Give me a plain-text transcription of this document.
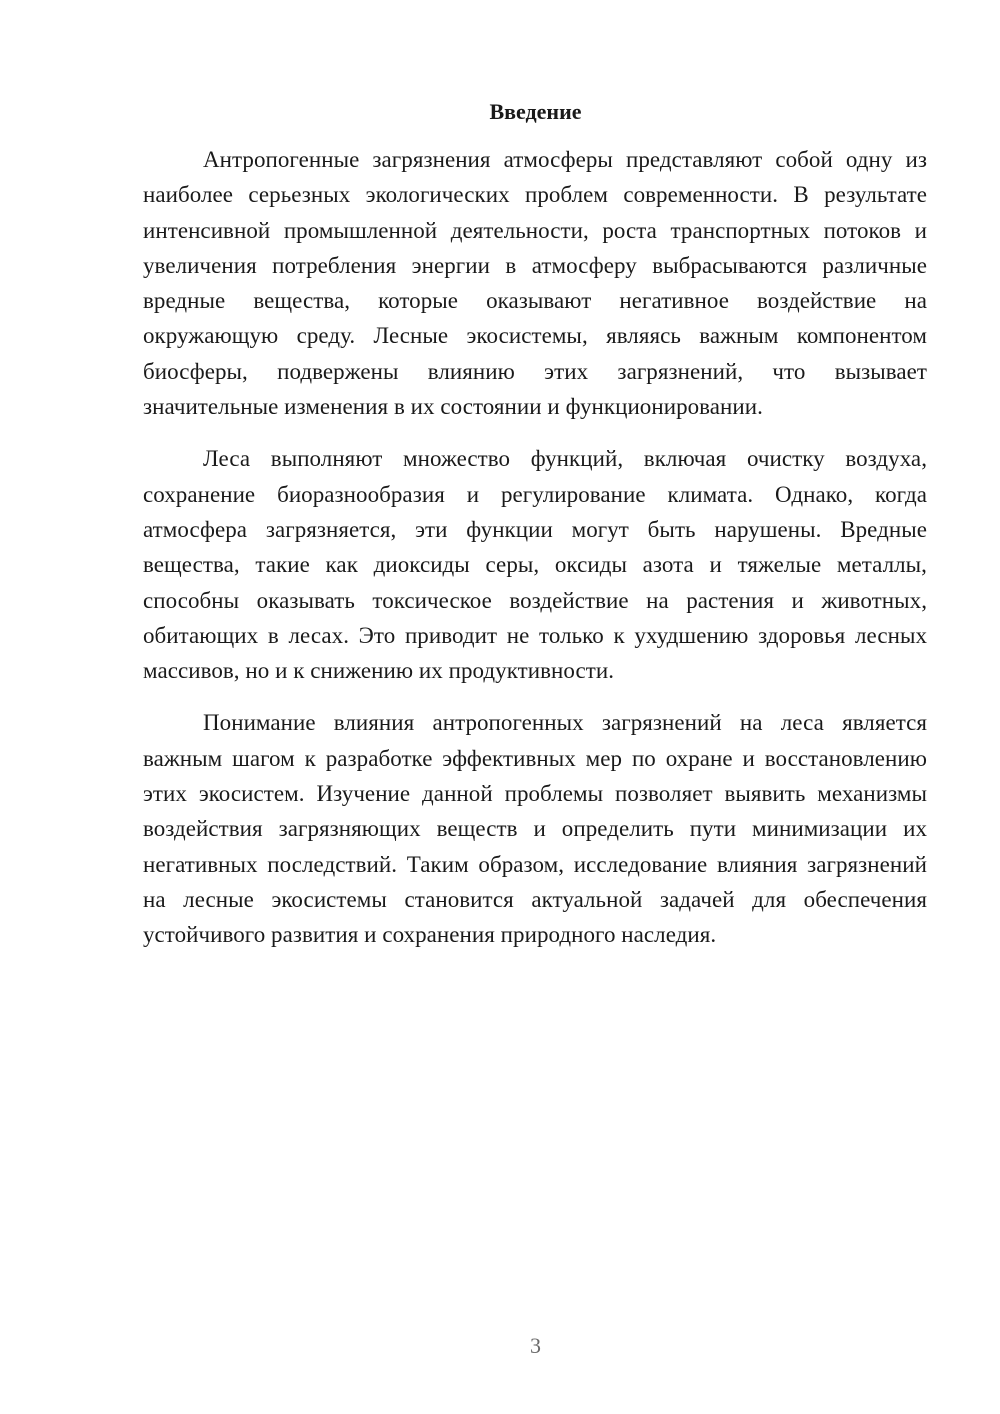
Введение

Антропогенные загрязнения атмосферы представляют собой одну из наиболее серьезных экологических проблем современности. В результате интенсивной промышленной деятельности, роста транспортных потоков и увеличения потребления энергии в атмосферу выбрасываются различные вредные вещества, которые оказывают негативное воздействие на окружающую среду. Лесные экосистемы, являясь важным компонентом биосферы, подвержены влиянию этих загрязнений, что вызывает значительные изменения в их состоянии и функционировании.

Леса выполняют множество функций, включая очистку воздуха, сохранение биоразнообразия и регулирование климата. Однако, когда атмосфера загрязняется, эти функции могут быть нарушены. Вредные вещества, такие как диоксиды серы, оксиды азота и тяжелые металлы, способны оказывать токсическое воздействие на растения и животных, обитающих в лесах. Это приводит не только к ухудшению здоровья лесных массивов, но и к снижению их продуктивности.

Понимание влияния антропогенных загрязнений на леса является важным шагом к разработке эффективных мер по охране и восстановлению этих экосистем. Изучение данной проблемы позволяет выявить механизмы воздействия загрязняющих веществ и определить пути минимизации их негативных последствий. Таким образом, исследование влияния загрязнений на лесные экосистемы становится актуальной задачей для обеспечения устойчивого развития и сохранения природного наследия.

3
